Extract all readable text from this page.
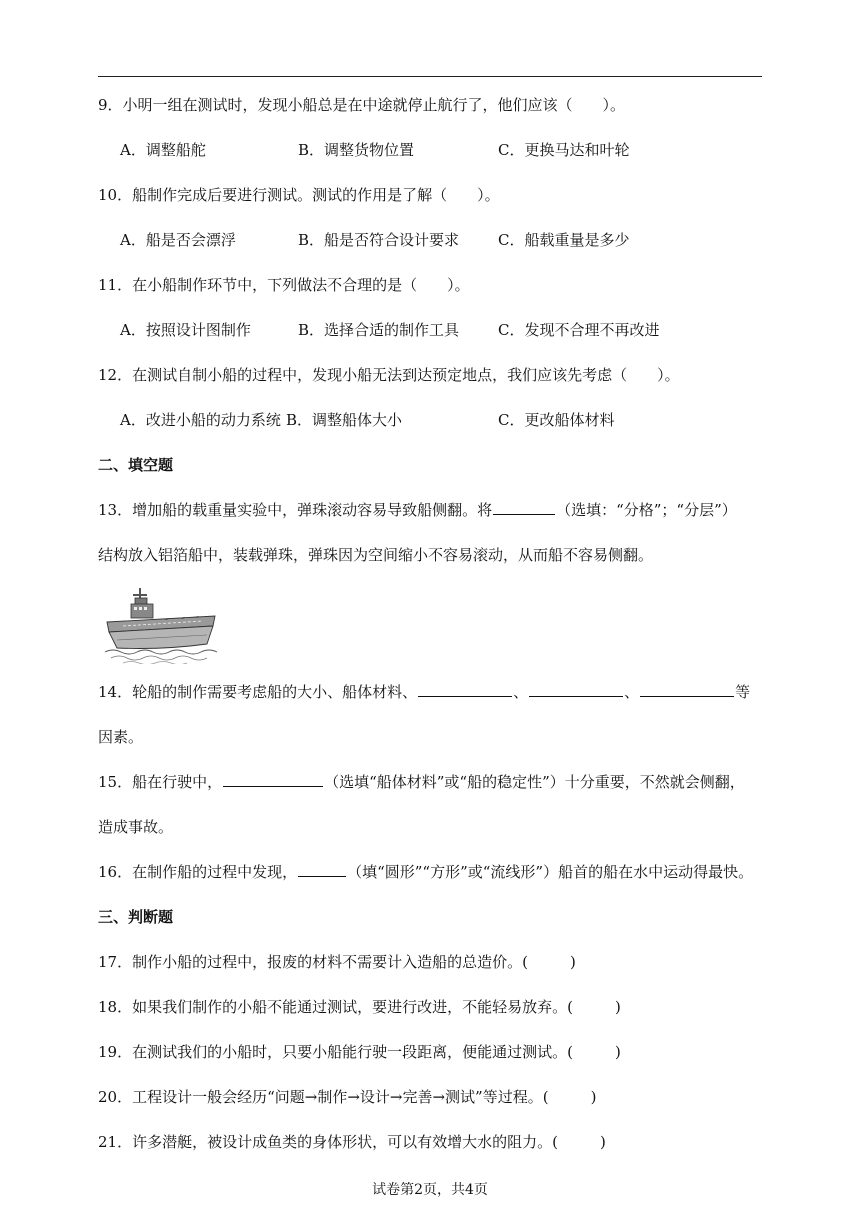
9．小明一组在测试时，发现小船总是在中途就停止航行了，他们应该（　　）。
A．调整船舵	B．调整货物位置	C．更换马达和叶轮
10．船制作完成后要进行测试。测试的作用是了解（　　）。
A．船是否会漂浮	B．船是否符合设计要求	C．船载重量是多少
11．在小船制作环节中，下列做法不合理的是（　　）。
A．按照设计图制作	B．选择合适的制作工具	C．发现不合理不再改进
12．在测试自制小船的过程中，发现小船无法到达预定地点，我们应该先考虑（　　）。
A．改进小船的动力系统 B．调整船体大小	C．更改船体材料
二、填空题
13．增加船的载重量实验中，弹珠滚动容易导致船侧翻。将	（选填：“分格”；“分层”）
结构放入铝箔船中，装载弹珠，弹珠因为空间缩小不容易滚动，从而船不容易侧翻。
14．轮船的制作需要考虑船的大小、船体材料、	、	、	等
因素。
15．船在行驶中，	（选填“船体材料”或“船的稳定性”）十分重要，不然就会侧翻，
造成事故。
16．在制作船的过程中发现，	（填“圆形”“方形”或“流线形”）船首的船在水中运动得最快。
三、判断题
17．制作小船的过程中，报废的材料不需要计入造船的总造价。(	)
18．如果我们制作的小船不能通过测试，要进行改进，不能轻易放弃。(	)
19．在测试我们的小船时，只要小船能行驶一段距离，便能通过测试。(	)
20．工程设计一般会经历“问题→制作→设计→完善→测试”等过程。(	)
21．许多潜艇，被设计成鱼类的身体形状，可以有效增大水的阻力。(	)
试卷第2页，共4页
